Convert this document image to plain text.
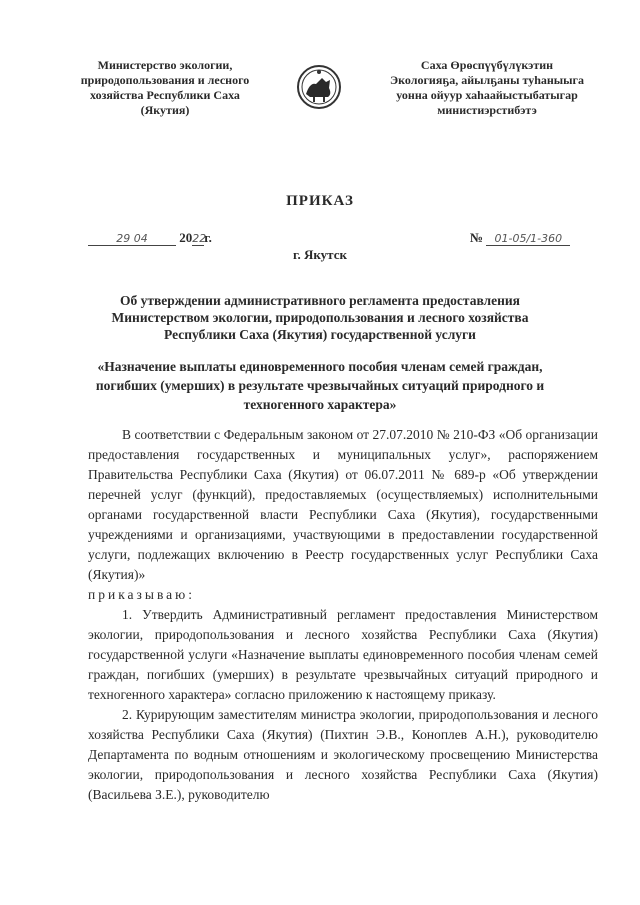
Министерство экологии,
природопользования и лесного
хозяйства Республики Саха
(Якутия)
Саха Өрөспүүбүлүкэтин
Экологияҕа, айылҕаны туһаныыга
уонна ойуур хаһаайыстыбатыгар
министиэрстибэтэ
ПРИКАЗ
29 04 2022г.	№ 01-05/1-360
г. Якутск
Об утверждении административного регламента предоставления
Министерством экологии, природопользования и лесного хозяйства
Республики Саха (Якутия) государственной услуги
«Назначение выплаты единовременного пособия членам семей граждан,
погибших (умерших) в результате чрезвычайных ситуаций природного и
техногенного характера»

В соответствии с Федеральным законом от 27.07.2010 № 210-ФЗ «Об организации предоставления государственных и муниципальных услуг», распоряжением Правительства Республики Саха (Якутия) от 06.07.2011 № 689-р «Об утверждении перечней услуг (функций), предоставляемых (осуществляемых) исполнительными органами государственной власти Республики Саха (Якутия), государственными учреждениями и организациями, участвующими в предоставлении государственной услуги, подлежащих включению в Реестр государственных услуг Республики Саха (Якутия)»

приказываю:

1. Утвердить Административный регламент предоставления Министерством экологии, природопользования и лесного хозяйства Республики Саха (Якутия) государственной услуги «Назначение выплаты единовременного пособия членам семей граждан, погибших (умерших) в результате чрезвычайных ситуаций природного и техногенного характера» согласно приложению к настоящему приказу.

2. Курирующим заместителям министра экологии, природопользования и лесного хозяйства Республики Саха (Якутия) (Пихтин Э.В., Коноплев А.Н.), руководителю Департамента по водным отношениям и экологическому просвещению Министерства экологии, природопользования и лесного хозяйства Республики Саха (Якутия) (Васильева З.Е.), руководителю
